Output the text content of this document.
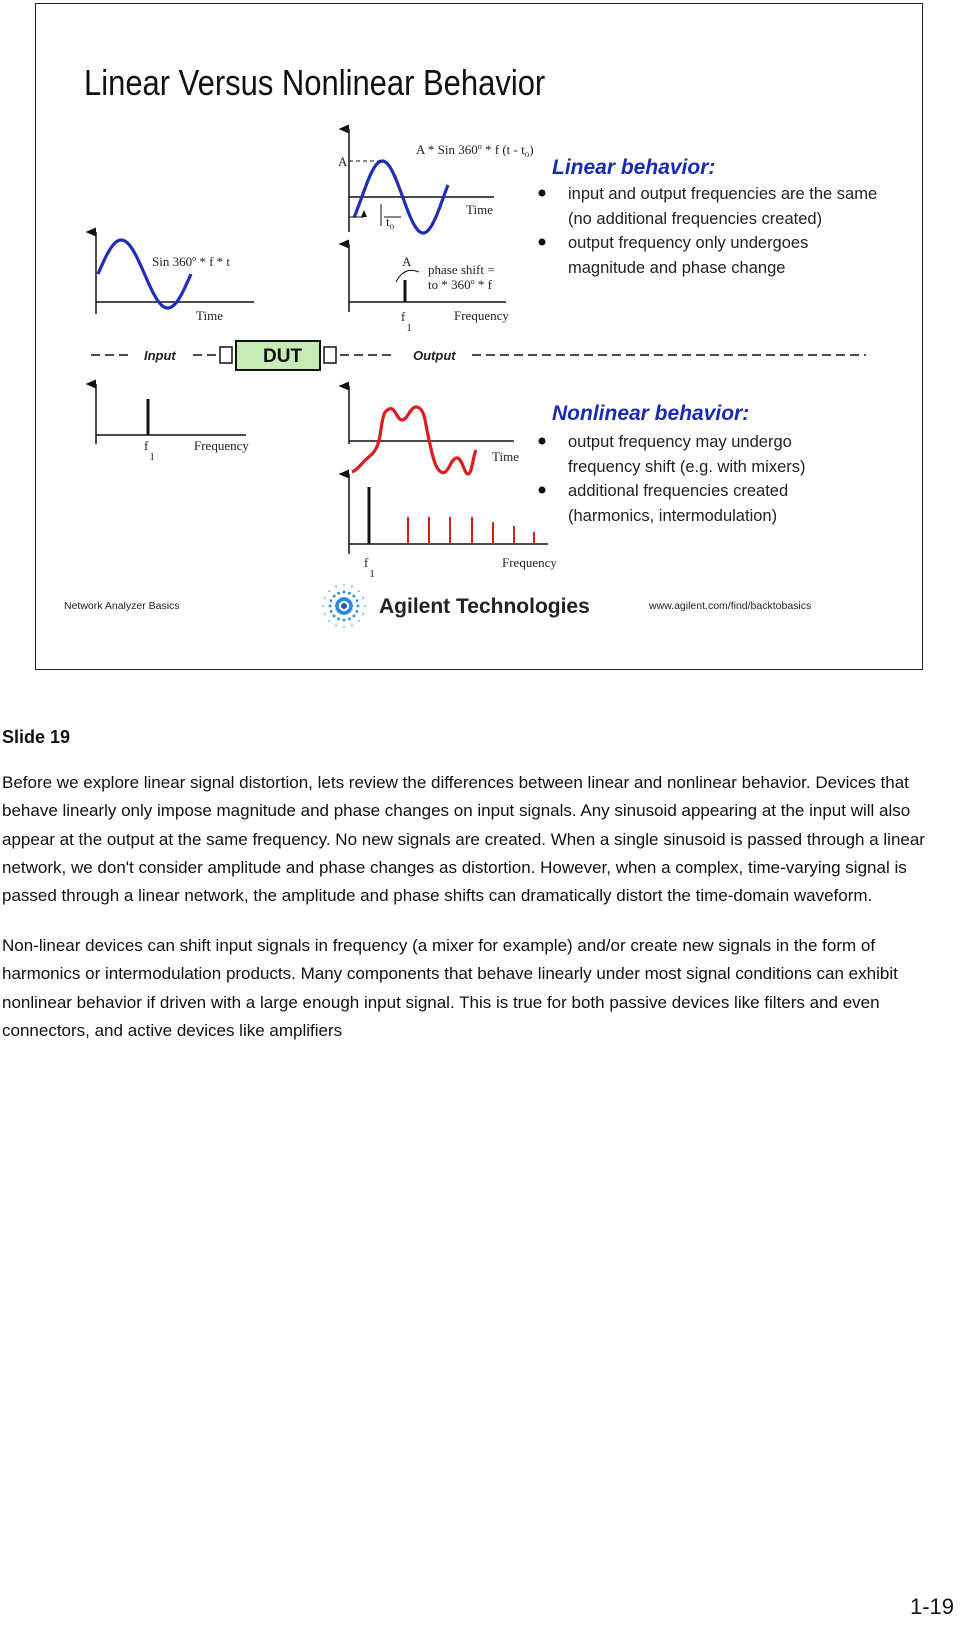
Linear Versus Nonlinear Behavior
Sin 360$^o$ * f * t
Time
A
A * Sin 360$^o$ * f $(t - t_o)$
Time
$t_o$
A
phase shift =
to * 360$^o$ * f
$f_1$
Frequency
Linear behavior:
input and output frequencies are the same
(no additional frequencies created)
output frequency only undergoes
magnitude and phase change
Input	DUT	Output
$f_1$
Frequency
Time
$f_1$
Frequency
Nonlinear behavior:
output frequency may undergo
frequency shift (e.g. with mixers)
additional frequencies created
(harmonics, intermodulation)
Network Analyzer Basics	Agilent Technologies	www.agilent.com/find/backtobasics
Slide 19

Before we explore linear signal distortion, lets review the differences between linear and nonlinear behavior. Devices that behave linearly only impose magnitude and phase changes on input signals. Any sinusoid appearing at the input will also appear at the output at the same frequency. No new signals are created. When a single sinusoid is passed through a linear network, we don't consider amplitude and phase changes as distortion. However, when a complex, time-varying signal is passed through a linear network, the amplitude and phase shifts can dramatically distort the time-domain waveform.

Non-linear devices can shift input signals in frequency (a mixer for example) and/or create new signals in the form of harmonics or intermodulation products. Many components that behave linearly under most signal conditions can exhibit nonlinear behavior if driven with a large enough input signal. This is true for both passive devices like filters and even connectors, and active devices like amplifiers

1-19
